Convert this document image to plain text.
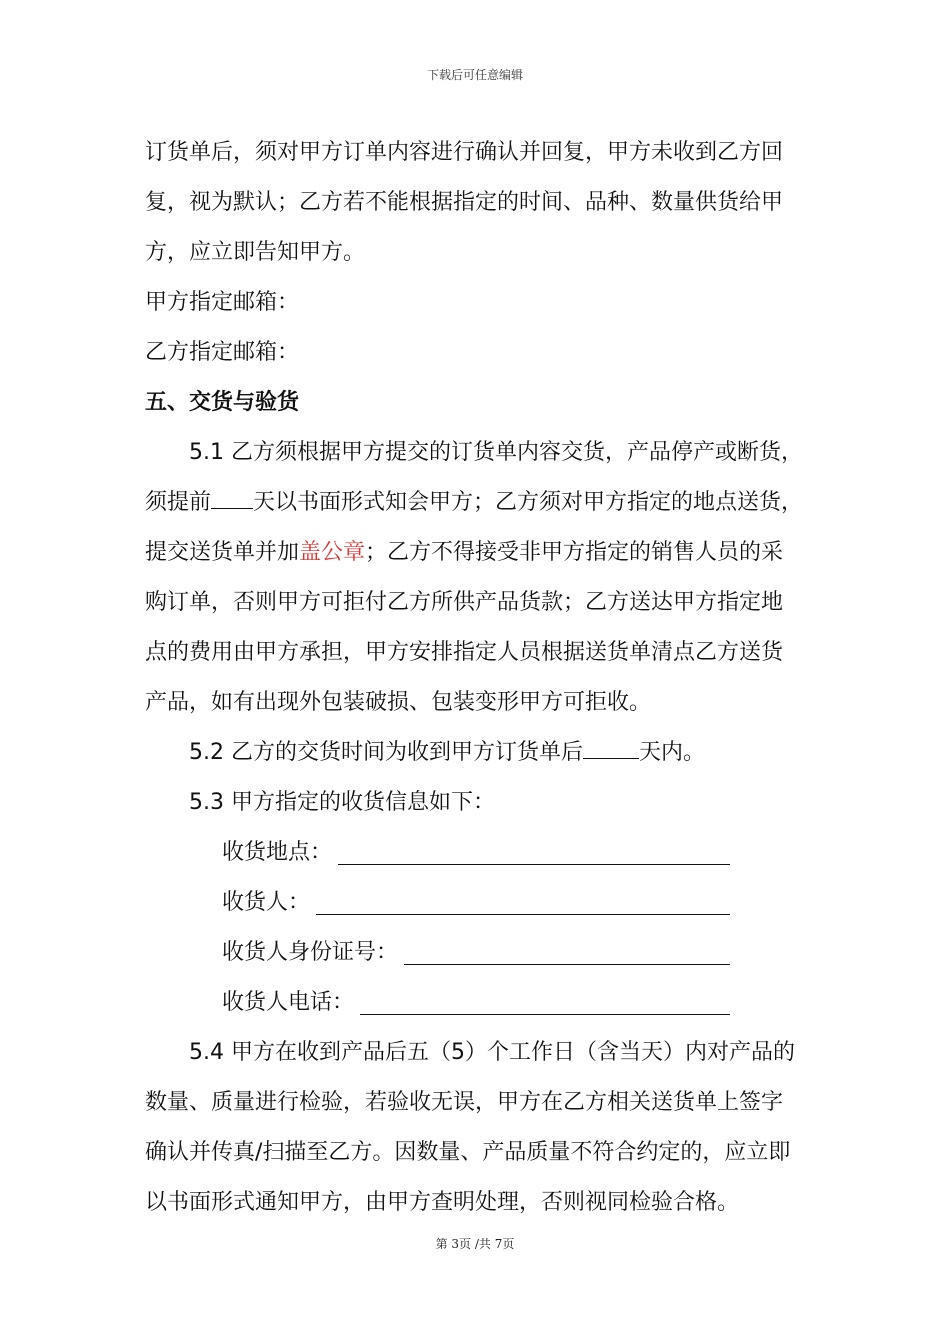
下载后可任意编辑
订货单后，须对甲方订单内容进行确认并回复，甲方未收到乙方回
复，视为默认；乙方若不能根据指定的时间、品种、数量供货给甲
方，应立即告知甲方。
甲方指定邮箱：
乙方指定邮箱：
五、交货与验货
5.1 乙方须根据甲方提交的订货单内容交货，产品停产或断货，
须提前 天以书面形式知会甲方；乙方须对甲方指定的地点送货，
提交送货单并加盖公章；乙方不得接受非甲方指定的销售人员的采
购订单，否则甲方可拒付乙方所供产品货款；乙方送达甲方指定地
点的费用由甲方承担，甲方安排指定人员根据送货单清点乙方送货
产品，如有出现外包装破损、包装变形甲方可拒收。
5.2 乙方的交货时间为收到甲方订货单后	天内。
5.3 甲方指定的收货信息如下：
收货地点：
收货人：
收货人身份证号：
收货人电话：
5.4 甲方在收到产品后五（5）个工作日（含当天）内对产品的
数量、质量进行检验，若验收无误，甲方在乙方相关送货单上签字
确认并传真/扫描至乙方。因数量、产品质量不符合约定的，应立即
以书面形式通知甲方，由甲方查明处理，否则视同检验合格。
第 3页 /共 7页
